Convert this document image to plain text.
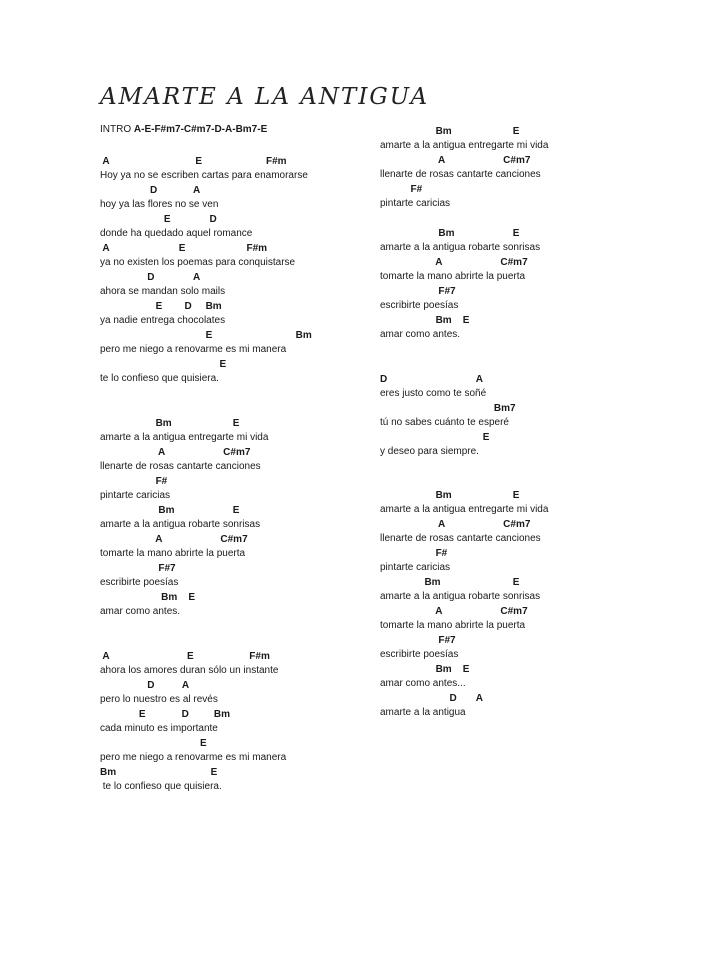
AMARTE A LA ANTIGUA
INTRO A-E-F#m7-C#m7-D-A-Bm7-E
A                               E                       F#m
Hoy ya no se escriben cartas para enamorarse
D             A
hoy ya las flores no se ven
E              D
donde ha quedado aquel romance
A                         E                      F#m
ya no existen los poemas para conquistarse
D              A
ahora se mandan solo mails
E        D     Bm
ya nadie entrega chocolates
E                              Bm
pero me niego a renovarme es mi manera
E
te lo confieso que quisiera.
Bm                      E
amarte a la antigua entregarte mi vida
A                     C#m7
llenarte de rosas cantarte canciones
F#
pintarte caricias
Bm                     E
amarte a la antigua robarte sonrisas
A                     C#m7
tomarte la mano abrirte la puerta
F#7
escribirte poesías
Bm    E
amar como antes.
A                            E                    F#m
ahora los amores duran sólo un instante
D          A
pero lo nuestro es al revés
E             D         Bm
cada minuto es importante
E
pero me niego a renovarme es mi manera
Bm                                  E
te lo confieso que quisiera.
Bm                      E
amarte a la antigua entregarte mi vida
A                     C#m7
llenarte de rosas cantarte canciones
F#
pintarte caricias
Bm                     E
amarte a la antigua robarte sonrisas
A                     C#m7
tomarte la mano abrirte la puerta
F#7
escribirte poesías
Bm    E
amar como antes.
D                                A
eres justo como te soñé
Bm7
tú no sabes cuánto te esperé
E
y deseo para siempre.
Bm                      E
amarte a la antigua entregarte mi vida
A                     C#m7
llenarte de rosas cantarte canciones
F#
pintarte caricias
Bm                          E
amarte a la antigua robarte sonrisas
A                     C#m7
tomarte la mano abrirte la puerta
F#7
escribirte poesías
Bm    E
amar como antes...
D       A
amarte a la antigua
